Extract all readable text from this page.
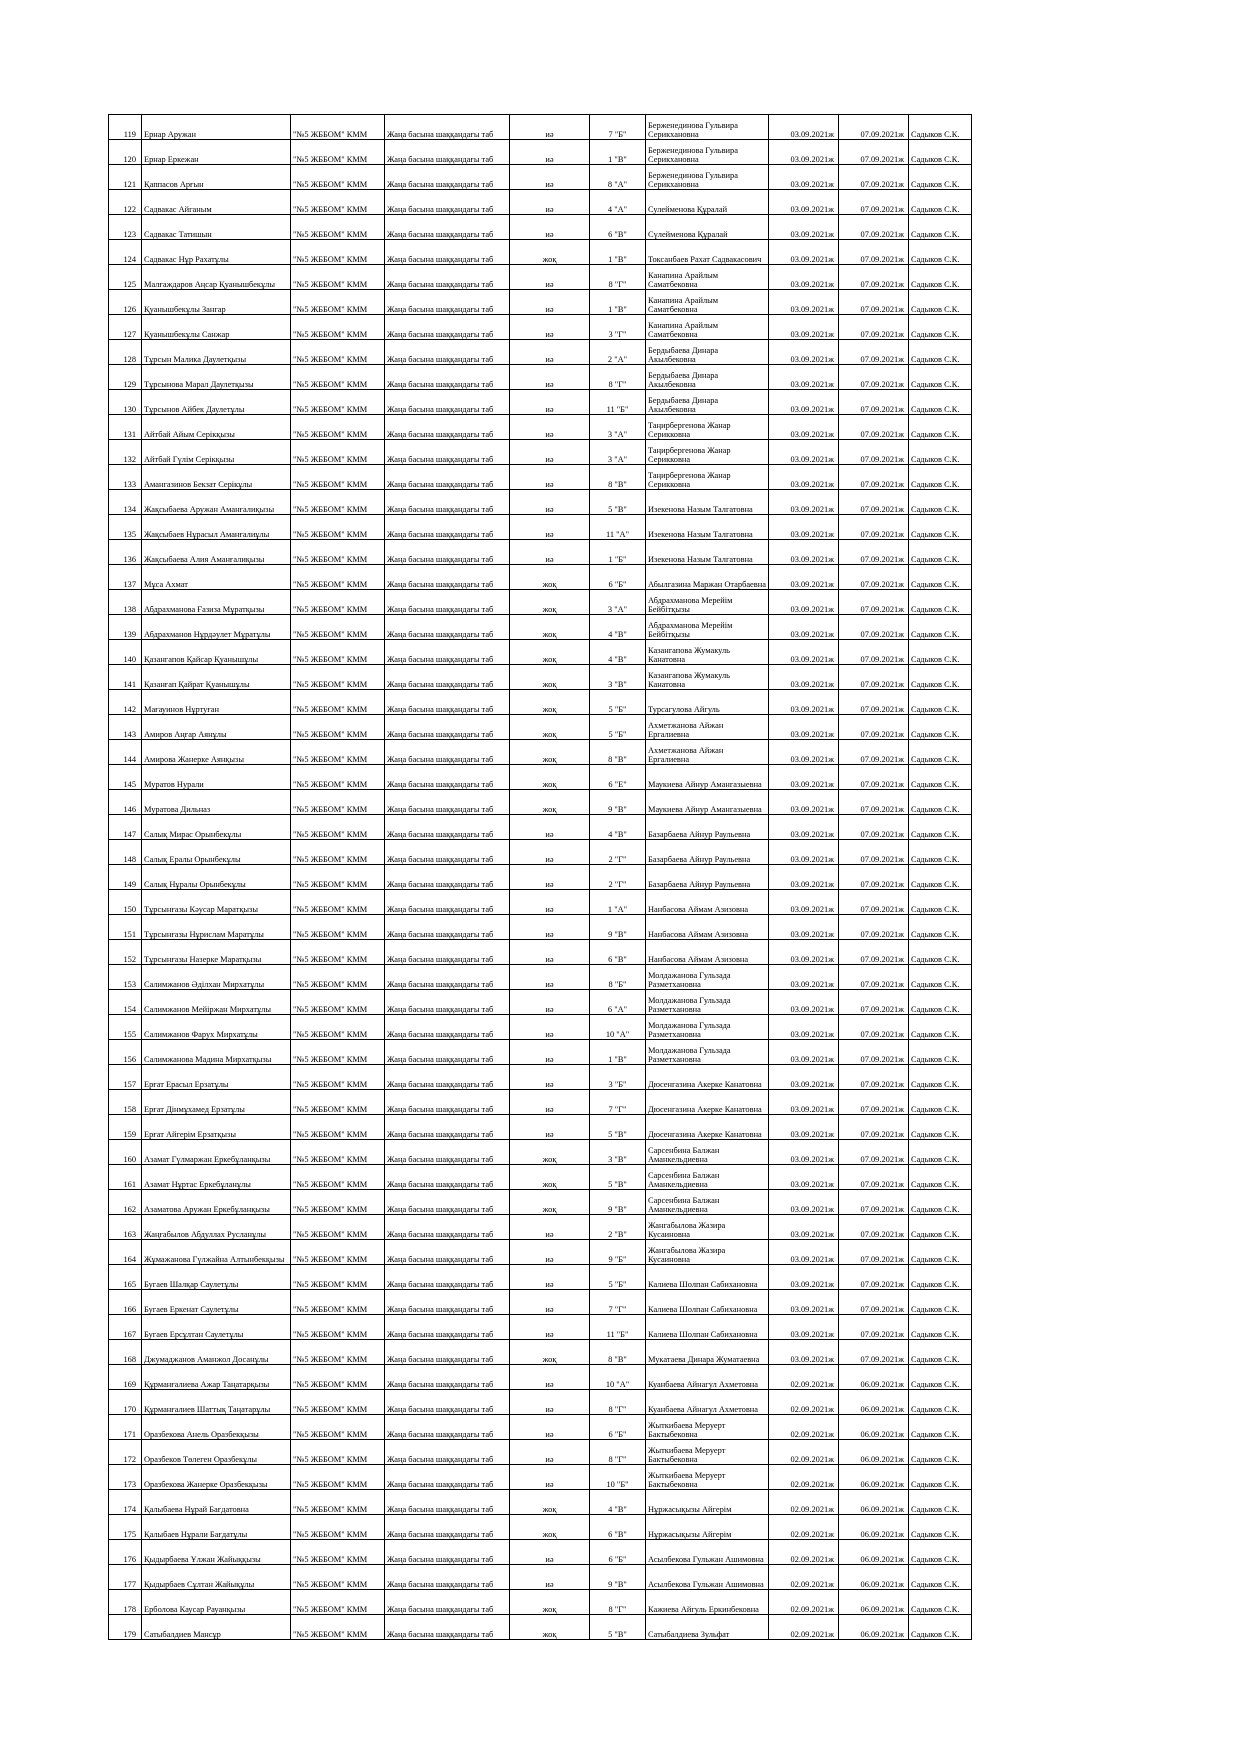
119	Ернар Аружан	"№5 ЖББОМ" КММ	Жаңа басына шаққандағы таб	иә	7 "Б"	Берженединова Гульвира Серикхановна	03.09.2021ж	07.09.2021ж	Садыков С.К.
120	Ернар Еркежан	"№5 ЖББОМ" КММ	Жаңа басына шаққандағы таб	иә	1 "В"	Берженединова Гульвира Серикхановна	03.09.2021ж	07.09.2021ж	Садыков С.К.
121	Қаппасов Арғын	"№5 ЖББОМ" КММ	Жаңа басына шаққандағы таб	иә	8 "А"	Берженединова Гульвира Серикхановна	03.09.2021ж	07.09.2021ж	Садыков С.К.
122	Садвакас Айганым	"№5 ЖББОМ" КММ	Жаңа басына шаққандағы таб	иә	4 "А"	Сулейменова Құралай	03.09.2021ж	07.09.2021ж	Садыков С.К.
123	Садвакас Татишын	"№5 ЖББОМ" КММ	Жаңа басына шаққандағы таб	иә	6 "В"	Сүлейменова Құралай	03.09.2021ж	07.09.2021ж	Садыков С.К.
124	Садвакас Нұр Рахатұлы	"№5 ЖББОМ" КММ	Жаңа басына шаққандағы таб	жоқ	1 "В"	Токсанбаев Рахат Садвакасович	03.09.2021ж	07.09.2021ж	Садыков С.К.
125	Малғаждаров Аңсар Қуанышбекұлы	"№5 ЖББОМ" КММ	Жаңа басына шаққандағы таб	иә	8 "Г"	Канапина Арайлым Саматбековна	03.09.2021ж	07.09.2021ж	Садыков С.К.
126	Қуанышбекұлы Зангар	"№5 ЖББОМ" КММ	Жаңа басына шаққандағы таб	иә	1 "В"	Канапина Арайлым Саматбековна	03.09.2021ж	07.09.2021ж	Садыков С.К.
127	Қуанышбекұлы Санжар	"№5 ЖББОМ" КММ	Жаңа басына шаққандағы таб	иә	3 "Г"	Канапина Арайлым Саматбековна	03.09.2021ж	07.09.2021ж	Садыков С.К.
128	Тұрсын Малика Даулетқызы	"№5 ЖББОМ" КММ	Жаңа басына шаққандағы таб	иә	2 "А"	Бердыбаева Динара Акылбековна	03.09.2021ж	07.09.2021ж	Садыков С.К.
129	Тұрсынова Марал Даулетқызы	"№5 ЖББОМ" КММ	Жаңа басына шаққандағы таб	иә	8 "Г"	Бердыбаева Динара Акылбековна	03.09.2021ж	07.09.2021ж	Садыков С.К.
130	Тұрсынов Айбек Даулетұлы	"№5 ЖББОМ" КММ	Жаңа басына шаққандағы таб	иә	11 "Б"	Бердыбаева Динара Акылбековна	03.09.2021ж	07.09.2021ж	Садыков С.К.
131	Айтбай Айым Серікқызы	"№5 ЖББОМ" КММ	Жаңа басына шаққандағы таб	иә	3 "А"	Таңирбергенова Жанар Серикковна	03.09.2021ж	07.09.2021ж	Садыков С.К.
132	Айтбай Гүлім Серікқызы	"№5 ЖББОМ" КММ	Жаңа басына шаққандағы таб	иә	3 "А"	Таңирбергенова Жанар Серикковна	03.09.2021ж	07.09.2021ж	Садыков С.К.
133	Амангазинов Бекзат Серікұлы	"№5 ЖББОМ" КММ	Жаңа басына шаққандағы таб	иә	8 "В"	Таңирбергенова Жанар Серикковна	03.09.2021ж	07.09.2021ж	Садыков С.К.
134	Жақсыбаева Аружан Аманғалиқызы	"№5 ЖББОМ" КММ	Жаңа басына шаққандағы таб	иә	5 "В"	Изекенова Назым Талгатовна	03.09.2021ж	07.09.2021ж	Садыков С.К.
135	Жақсыбаев Нұрасыл Аманғалиұлы	"№5 ЖББОМ" КММ	Жаңа басына шаққандағы таб	иә	11 "А"	Изекенова Назым Талгатовна	03.09.2021ж	07.09.2021ж	Садыков С.К.
136	Жақсыбаева Алия Аманғалиқызы	"№5 ЖББОМ" КММ	Жаңа басына шаққандағы таб	иә	1 "Б"	Изекенова Назым Талгатовна	03.09.2021ж	07.09.2021ж	Садыков С.К.
137	Мұса Ахмат	"№5 ЖББОМ" КММ	Жаңа басына шаққандағы таб	жоқ	6 "Б"	Абылгазина Маржан Отарбаевна	03.09.2021ж	07.09.2021ж	Садыков С.К.
138	Абдрахманова Ғазиза Мұратқызы	"№5 ЖББОМ" КММ	Жаңа басына шаққандағы таб	жоқ	3 "А"	Абдрахманова Мерейім Бейбітқызы	03.09.2021ж	07.09.2021ж	Садыков С.К.
139	Абдрахманов Нұрдәулет Мұратұлы	"№5 ЖББОМ" КММ	Жаңа басына шаққандағы таб	жоқ	4 "В"	Абдрахманова Мерейім Бейбітқызы	03.09.2021ж	07.09.2021ж	Садыков С.К.
140	Қазангапов Қайсар Қуанышұлы	"№5 ЖББОМ" КММ	Жаңа басына шаққандағы таб	жоқ	4 "В"	Казангапова Жумакуль Канатовна	03.09.2021ж	07.09.2021ж	Садыков С.К.
141	Қазанғап Қайрат Қуанышұлы	"№5 ЖББОМ" КММ	Жаңа басына шаққандағы таб	жоқ	3 "В"	Казангапова Жумакуль Канатовна	03.09.2021ж	07.09.2021ж	Садыков С.К.
142	Мағауинов Нұртуған	"№5 ЖББОМ" КММ	Жаңа басына шаққандағы таб	жоқ	5 "Б"	Турсагулова Айгуль	03.09.2021ж	07.09.2021ж	Садыков С.К.
143	Амиров Аңғар Аянұлы	"№5 ЖББОМ" КММ	Жаңа басына шаққандағы таб	жоқ	5 "Б"	Ахметжанова Айжан Ергалиевна	03.09.2021ж	07.09.2021ж	Садыков С.К.
144	Амирова Жанерке Аянқызы	"№5 ЖББОМ" КММ	Жаңа басына шаққандағы таб	жоқ	8 "В"	Ахметжанова Айжан Ергалиевна	03.09.2021ж	07.09.2021ж	Садыков С.К.
145	Муратов Нурали	"№5 ЖББОМ" КММ	Жаңа басына шаққандағы таб	жоқ	6 "Е"	Маукиева Айнур Амангазыевна	03.09.2021ж	07.09.2021ж	Садыков С.К.
146	Муратова Дильназ	"№5 ЖББОМ" КММ	Жаңа басына шаққандағы таб	жоқ	9 "В"	Маукиева Айнур Амангазыевна	03.09.2021ж	07.09.2021ж	Садыков С.К.
147	Салық Мирас Орынбекұлы	"№5 ЖББОМ" КММ	Жаңа басына шаққандағы таб	иә	4 "В"	Базарбаева Айнур Раульевна	03.09.2021ж	07.09.2021ж	Садыков С.К.
148	Салық Ералы Орынбекұлы	"№5 ЖББОМ" КММ	Жаңа басына шаққандағы таб	иә	2 "Г"	Базарбаева Айнур Раульевна	03.09.2021ж	07.09.2021ж	Садыков С.К.
149	Салық Нұралы Орынбекұлы	"№5 ЖББОМ" КММ	Жаңа басына шаққандағы таб	иә	2 "Г"	Базарбаева Айнур Раульевна	03.09.2021ж	07.09.2021ж	Садыков С.К.
150	Тұрсынғазы Кәусар Маратқызы	"№5 ЖББОМ" КММ	Жаңа басына шаққандағы таб	иә	1 "А"	Нанбасова Аймам Азизовна	03.09.2021ж	07.09.2021ж	Садыков С.К.
151	Тұрсынғазы Нұрислам Маратұлы	"№5 ЖББОМ" КММ	Жаңа басына шаққандағы таб	иә	9 "В"	Нанбасова Аймам Азизовна	03.09.2021ж	07.09.2021ж	Садыков С.К.
152	Тұрсынғазы Назерке Маратқызы	"№5 ЖББОМ" КММ	Жаңа басына шаққандағы таб	иә	6 "В"	Нанбасова Аймам Азизовна	03.09.2021ж	07.09.2021ж	Садыков С.К.
153	Салимжанов Әділхан Мирхатұлы	"№5 ЖББОМ" КММ	Жаңа басына шаққандағы таб	иә	8 "Б"	Молдажанова Гульзада Разметхановна	03.09.2021ж	07.09.2021ж	Садыков С.К.
154	Салимжанов Мейіржан Мирхатұлы	"№5 ЖББОМ" КММ	Жаңа басына шаққандағы таб	иә	6 "А"	Молдажанова Гульзада Разметхановна	03.09.2021ж	07.09.2021ж	Садыков С.К.
155	Салимжанов Фарух Мирхатұлы	"№5 ЖББОМ" КММ	Жаңа басына шаққандағы таб	иә	10 "А"	Молдажанова Гульзада Разметхановна	03.09.2021ж	07.09.2021ж	Садыков С.К.
156	Салимжанова Мадина Мирхатқызы	"№5 ЖББОМ" КММ	Жаңа басына шаққандағы таб	иә	1 "В"	Молдажанова Гульзада Разметхановна	03.09.2021ж	07.09.2021ж	Садыков С.К.
157	Ерғат Ерасыл Ерзатұлы	"№5 ЖББОМ" КММ	Жаңа басына шаққандағы таб	иә	3 "Б"	Дюсенгазина Акерке Канатовна	03.09.2021ж	07.09.2021ж	Садыков С.К.
158	Ерғат Дінмұхамед Ерзатұлы	"№5 ЖББОМ" КММ	Жаңа басына шаққандағы таб	иә	7 "Г"	Дюсенгазина Акерке Канатовна	03.09.2021ж	07.09.2021ж	Садыков С.К.
159	Ерғат Айгерім Ерзатқызы	"№5 ЖББОМ" КММ	Жаңа басына шаққандағы таб	иә	5 "В"	Дюсенгазина Акерке Канатовна	03.09.2021ж	07.09.2021ж	Садыков С.К.
160	Азамат Гүлмаржан Еркебұланқызы	"№5 ЖББОМ" КММ	Жаңа басына шаққандағы таб	жоқ	3 "В"	Сарсенбина Балжан Аманкельдиевна	03.09.2021ж	07.09.2021ж	Садыков С.К.
161	Азамат Нұртас Еркебұланұлы	"№5 ЖББОМ" КММ	Жаңа басына шаққандағы таб	жоқ	5 "В"	Сарсенбина Балжан Аманкельдиевна	03.09.2021ж	07.09.2021ж	Садыков С.К.
162	Азаматова Аружан Еркебұланқызы	"№5 ЖББОМ" КММ	Жаңа басына шаққандағы таб	жоқ	9 "В"	Сарсенбина Балжан Аманкельдиевна	03.09.2021ж	07.09.2021ж	Садыков С.К.
163	Жаңғабылов Абдуллах Русланұлы	"№5 ЖББОМ" КММ	Жаңа басына шаққандағы таб	иә	2 "В"	Жангабылова Жазира Кусаиновна	03.09.2021ж	07.09.2021ж	Садыков С.К.
164	Жұмажанова Гүлжайна Алтынбекқызы	"№5 ЖББОМ" КММ	Жаңа басына шаққандағы таб	иә	9 "Б"	Жангабылова Жазира Кусаиновна	03.09.2021ж	07.09.2021ж	Садыков С.К.
165	Бугаев Шалқар Саулетұлы	"№5 ЖББОМ" КММ	Жаңа басына шаққандағы таб	иә	5 "Б"	Калиева Шолпан Сабихановна	03.09.2021ж	07.09.2021ж	Садыков С.К.
166	Бугаев Еркенат Саулетұлы	"№5 ЖББОМ" КММ	Жаңа басына шаққандағы таб	иә	7 "Г"	Калиева Шолпан Сабихановна	03.09.2021ж	07.09.2021ж	Садыков С.К.
167	Бугаев Ерсұлтан Саулетұлы	"№5 ЖББОМ" КММ	Жаңа басына шаққандағы таб	иә	11 "Б"	Калиева Шолпан Сабихановна	03.09.2021ж	07.09.2021ж	Садыков С.К.
168	Джумаджанов Аманжол Досанұлы	"№5 ЖББОМ" КММ	Жаңа басына шаққандағы таб	жоқ	8 "В"	Мукатаева Динара Жуматаевна	03.09.2021ж	07.09.2021ж	Садыков С.К.
169	Құрманғалиева Ажар Таңатарқызы	"№5 ЖББОМ" КММ	Жаңа басына шаққандағы таб	иә	10 "А"	Куанбаева Айнагул Ахметовна	02.09.2021ж	06.09.2021ж	Садыков С.К.
170	Құрманғалиев Шаттық Таңатарұлы	"№5 ЖББОМ" КММ	Жаңа басына шаққандағы таб	иә	8 "Г"	Куанбаева Айнагул Ахметовна	02.09.2021ж	06.09.2021ж	Садыков С.К.
171	Оразбекова Анель Оразбекқызы	"№5 ЖББОМ" КММ	Жаңа басына шаққандағы таб	иә	6 "Б"	Жыткибаева Меруерт Бактыбековна	02.09.2021ж	06.09.2021ж	Садыков С.К.
172	Оразбеков Төлеген Оразбекұлы	"№5 ЖББОМ" КММ	Жаңа басына шаққандағы таб	иә	8 "Г"	Жыткибаева Меруерт Бактыбековна	02.09.2021ж	06.09.2021ж	Садыков С.К.
173	Оразбекова Жанерке Оразбекқызы	"№5 ЖББОМ" КММ	Жаңа басына шаққандағы таб	иә	10 "Б"	Жыткибаева Меруерт Бактыбековна	02.09.2021ж	06.09.2021ж	Садыков С.К.
174	Қалыбаева Нұрай Бағдатовна	"№5 ЖББОМ" КММ	Жаңа басына шаққандағы таб	жоқ	4 "В"	Нұржасықызы Айгерім	02.09.2021ж	06.09.2021ж	Садыков С.К.
175	Қалыбаев Нұрали Бағдатұлы	"№5 ЖББОМ" КММ	Жаңа басына шаққандағы таб	жоқ	6 "В"	Нұржасықызы Айгерім	02.09.2021ж	06.09.2021ж	Садыков С.К.
176	Қыдырбаева Ұлжан Жайыққызы	"№5 ЖББОМ" КММ	Жаңа басына шаққандағы таб	иә	6 "Б"	Асылбекова Гульжан Ашимовна	02.09.2021ж	06.09.2021ж	Садыков С.К.
177	Қыдырбаев Сұлтан Жайықұлы	"№5 ЖББОМ" КММ	Жаңа басына шаққандағы таб	иә	9 "В"	Асылбекова Гульжан Ашимовна	02.09.2021ж	06.09.2021ж	Садыков С.К.
178	Ерболова Каусар Рауанқызы	"№5 ЖББОМ" КММ	Жаңа басына шаққандағы таб	жоқ	8 "Г"	Кажиева Айгуль Еркинбековна	02.09.2021ж	06.09.2021ж	Садыков С.К.
179	Сатыбалдиев Мансұр	"№5 ЖББОМ" КММ	Жаңа басына шаққандағы таб	жоқ	5 "В"	Сатыбалдиева Зульфат	02.09.2021ж	06.09.2021ж	Садыков С.К.
